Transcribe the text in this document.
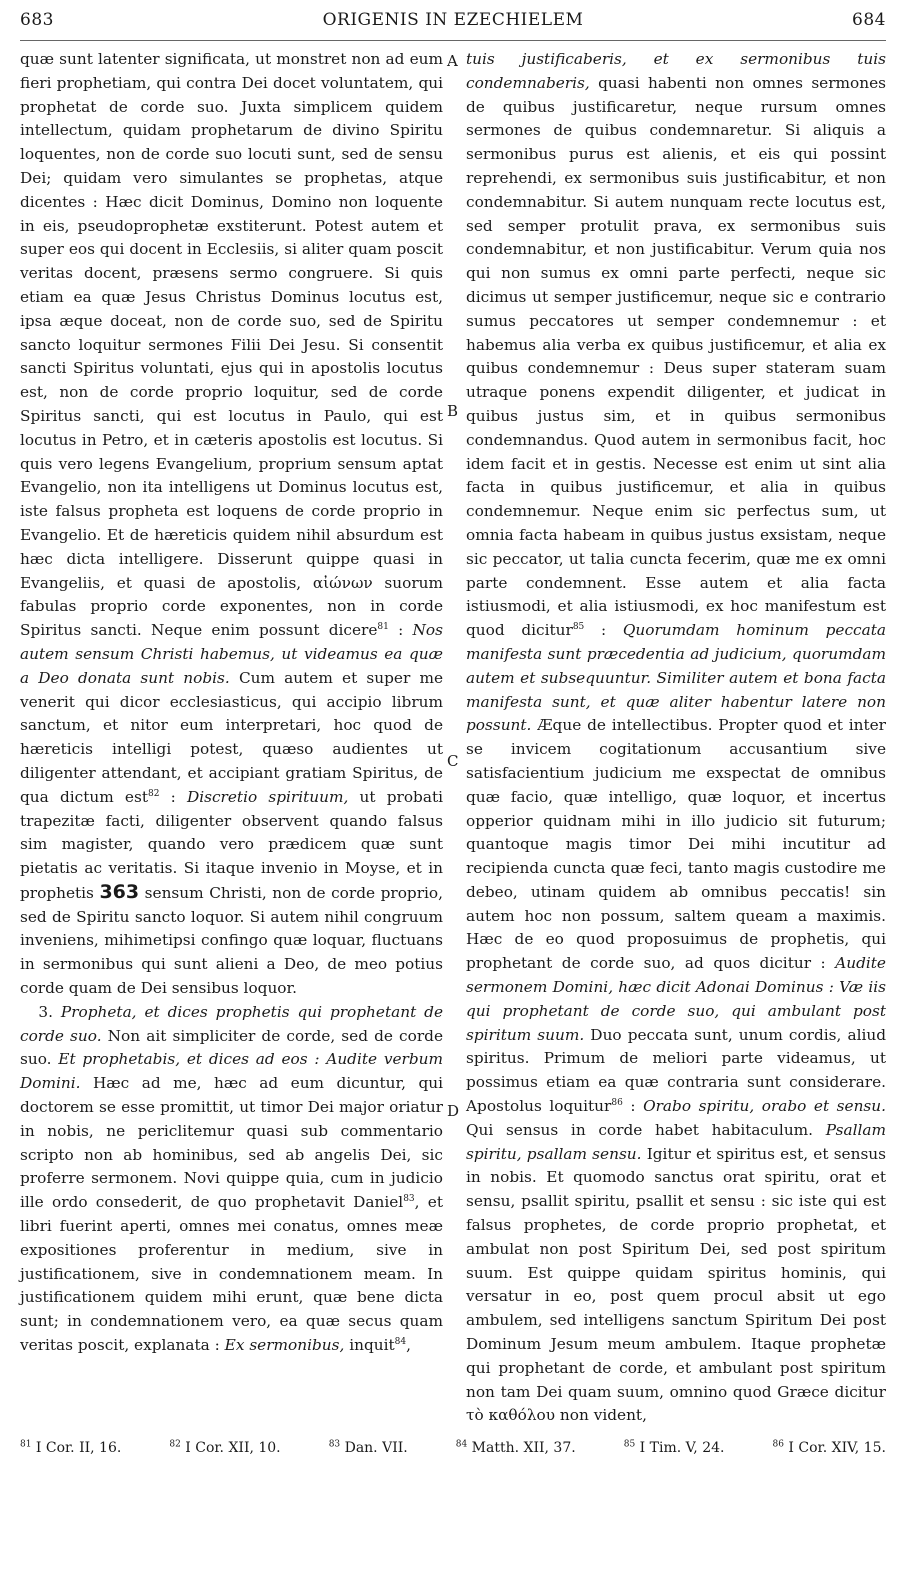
683	ORIGENIS IN EZECHIELEM	684
A
B
C
D

quæ sunt latenter significata, ut monstret non ad eum fieri prophetiam, qui contra Dei docet voluntatem, qui prophetat de corde suo. Juxta simplicem quidem intellectum, quidam prophetarum de divino Spiritu loquentes, non de corde suo locuti sunt, sed de sensu Dei; quidam vero simulantes se prophetas, atque dicentes : Hæc dicit Dominus, Domino non loquente in eis, pseudoprophetæ exstiterunt. Potest autem et super eos qui docent in Ecclesiis, si aliter quam poscit veritas docent, præsens sermo congruere. Si quis etiam ea quæ Jesus Christus Dominus locutus est, ipsa æque doceat, non de corde suo, sed de Spiritu sancto loquitur sermones Filii Dei Jesu. Si consentit sancti Spiritus voluntati, ejus qui in apostolis locutus est, non de corde proprio loquitur, sed de corde Spiritus sancti, qui est locutus in Paulo, qui est locutus in Petro, et in cæteris apostolis est locutus. Si quis vero legens Evangelium, proprium sensum aptat Evangelio, non ita intelligens ut Dominus locutus est, iste falsus propheta est loquens de corde proprio in Evangelio. Et de hæreticis quidem nihil absurdum est hæc dicta intelligere. Disserunt quippe quasi in Evangeliis, et quasi de apostolis, αἰώνων suorum fabulas proprio corde exponentes, non in corde Spiritus sancti. Neque enim possunt dicere$^{81}$ : Nos autem sensum Christi habemus, ut videamus ea quæ a Deo donata sunt nobis. Cum autem et super me venerit qui dicor ecclesiasticus, qui accipio librum sanctum, et nitor eum interpretari, hoc quod de hæreticis intelligi potest, quæso audientes ut diligenter attendant, et accipiant gratiam Spiritus, de qua dictum est$^{82}$ : Discretio spirituum, ut probati trapezitæ facti, diligenter observent quando falsus sim magister, quando vero prædicem quæ sunt pietatis ac veritatis. Si itaque invenio in Moyse, et in prophetis 363 sensum Christi, non de corde proprio, sed de Spiritu sancto loquor. Si autem nihil congruum inveniens, mihimetipsi confingo quæ loquar, fluctuans in sermonibus qui sunt alieni a Deo, de meo potius corde quam de Dei sensibus loquor.

3. Propheta, et dices prophetis qui prophetant de corde suo. Non ait simpliciter de corde, sed de corde suo. Et prophetabis, et dices ad eos : Audite verbum Domini. Hæc ad me, hæc ad eum dicuntur, qui doctorem se esse promittit, ut timor Dei major oriatur in nobis, ne periclitemur quasi sub commentario scripto non ab hominibus, sed ab angelis Dei, sic proferre sermonem. Novi quippe quia, cum in judicio ille ordo consederit, de quo prophetavit Daniel$^{83}$, et libri fuerint aperti, omnes mei conatus, omnes meæ expositiones proferentur in medium, sive in justificationem, sive in condemnationem meam. In justificationem quidem mihi erunt, quæ bene dicta sunt; in condemnationem vero, ea quæ secus quam veritas poscit, explanata : Ex sermonibus, inquit$^{84}$,

tuis justificaberis, et ex sermonibus tuis condemnaberis, quasi habenti non omnes sermones de quibus justificaretur, neque rursum omnes sermones de quibus condemnaretur. Si aliquis a sermonibus purus est alienis, et eis qui possint reprehendi, ex sermonibus suis justificabitur, et non condemnabitur. Si autem nunquam recte locutus est, sed semper protulit prava, ex sermonibus suis condemnabitur, et non justificabitur. Verum quia nos qui non sumus ex omni parte perfecti, neque sic dicimus ut semper justificemur, neque sic e contrario sumus peccatores ut semper condemnemur : et habemus alia verba ex quibus justificemur, et alia ex quibus condemnemur : Deus super stateram suam utraque ponens expendit diligenter, et judicat in quibus justus sim, et in quibus sermonibus condemnandus. Quod autem in sermonibus facit, hoc idem facit et in gestis. Necesse est enim ut sint alia facta in quibus justificemur, et alia in quibus condemnemur. Neque enim sic perfectus sum, ut omnia facta habeam in quibus justus exsistam, neque sic peccator, ut talia cuncta fecerim, quæ me ex omni parte condemnent. Esse autem et alia facta istiusmodi, et alia istiusmodi, ex hoc manifestum est quod dicitur$^{85}$ : Quorumdam hominum peccata manifesta sunt præcedentia ad judicium, quorumdam autem et subsequuntur. Similiter autem et bona facta manifesta sunt, et quæ aliter habentur latere non possunt. Æque de intellectibus. Propter quod et inter se invicem cogitationum accusantium sive satisfacientium judicium me exspectat de omnibus quæ facio, quæ intelligo, quæ loquor, et incertus opperior quidnam mihi in illo judicio sit futurum; quantoque magis timor Dei mihi incutitur ad recipienda cuncta quæ feci, tanto magis custodire me debeo, utinam quidem ab omnibus peccatis! sin autem hoc non possum, saltem queam a maximis. Hæc de eo quod proposuimus de prophetis, qui prophetant de corde suo, ad quos dicitur : Audite sermonem Domini, hæc dicit Adonai Dominus : Væ iis qui prophetant de corde suo, qui ambulant post spiritum suum. Duo peccata sunt, unum cordis, aliud spiritus. Primum de meliori parte videamus, ut possimus etiam ea quæ contraria sunt considerare. Apostolus loquitur$^{86}$ : Orabo spiritu, orabo et sensu. Qui sensus in corde habet habitaculum. Psallam spiritu, psallam sensu. Igitur et spiritus est, et sensus in nobis. Et quomodo sanctus orat spiritu, orat et sensu, psallit spiritu, psallit et sensu : sic iste qui est falsus prophetes, de corde proprio prophetat, et ambulat non post Spiritum Dei, sed post spiritum suum. Est quippe quidam spiritus hominis, qui versatur in eo, post quem procul absit ut ego ambulem, sed intelligens sanctum Spiritum Dei post Dominum Jesum meum ambulem. Itaque prophetæ qui prophetant de corde, et ambulant post spiritum non tam Dei quam suum, omnino quod Græce dicitur τὸ καθόλου non vident,

$^{81}$ I Cor. II, 16.	$^{82}$ I Cor. XII, 10.	$^{83}$ Dan. VII.	$^{84}$ Matth. XII, 37.	$^{85}$ I Tim. V, 24.	$^{86}$ I Cor. XIV, 15.
